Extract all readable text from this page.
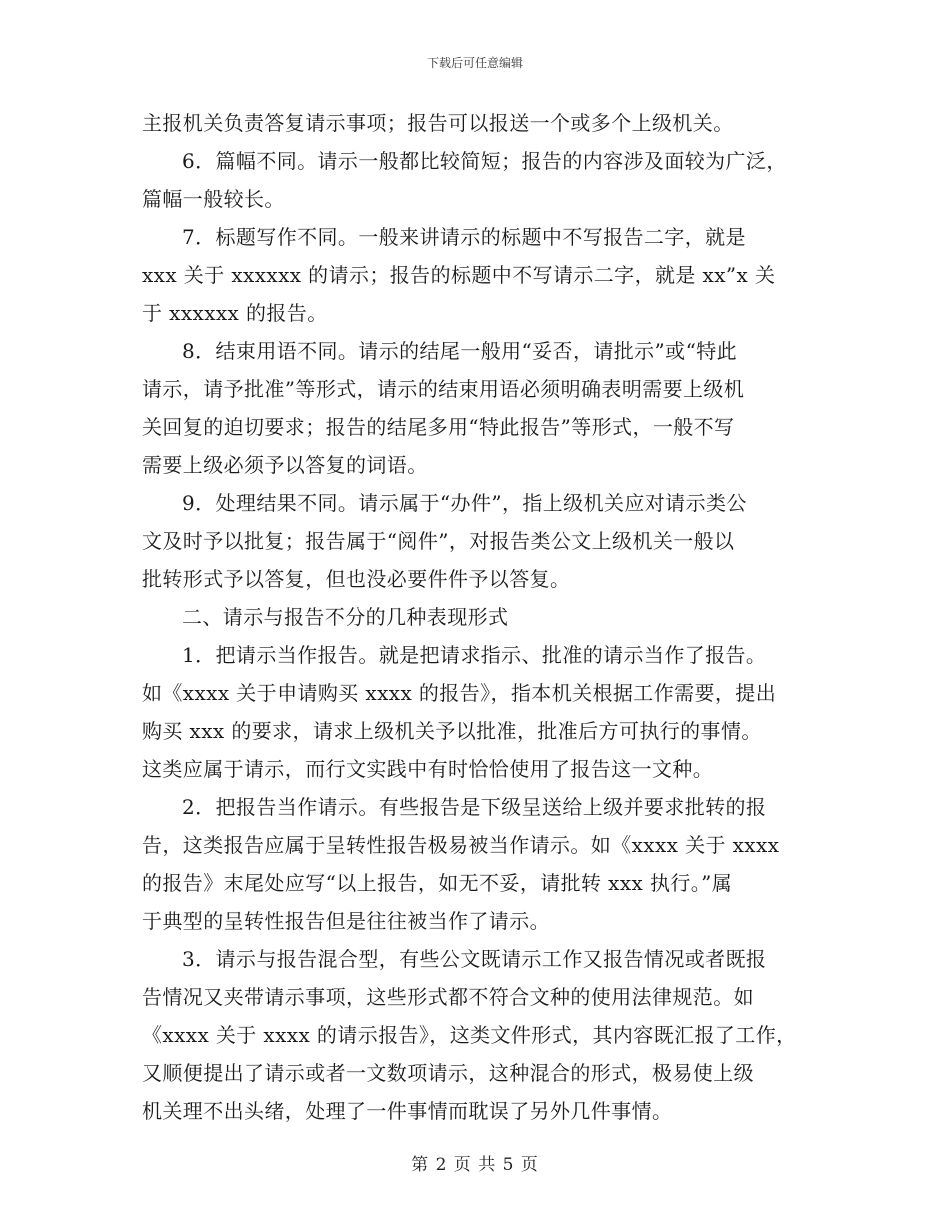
下载后可任意编辑
主报机关负责答复请示事项；报告可以报送一个或多个上级机关。
6．篇幅不同。请示一般都比较简短；报告的内容涉及面较为广泛，
篇幅一般较长。
7．标题写作不同。一般来讲请示的标题中不写报告二字，就是
xxx 关于 xxxxxx 的请示；报告的标题中不写请示二字，就是 xx”x 关
于 xxxxxx 的报告。
8．结束用语不同。请示的结尾一般用“妥否，请批示”或“特此
请示，请予批准”等形式，请示的结束用语必须明确表明需要上级机
关回复的迫切要求；报告的结尾多用“特此报告”等形式，一般不写
需要上级必须予以答复的词语。
9．处理结果不同。请示属于“办件”，指上级机关应对请示类公
文及时予以批复；报告属于“阅件”，对报告类公文上级机关一般以
批转形式予以答复，但也没必要件件予以答复。
二、请示与报告不分的几种表现形式
1．把请示当作报告。就是把请求指示、批准的请示当作了报告。
如《xxxx 关于申请购买 xxxx 的报告》，指本机关根据工作需要，提出
购买 xxx 的要求，请求上级机关予以批准，批准后方可执行的事情。
这类应属于请示，而行文实践中有时恰恰使用了报告这一文种。
2．把报告当作请示。有些报告是下级呈送给上级并要求批转的报
告，这类报告应属于呈转性报告极易被当作请示。如《xxxx 关于 xxxx
的报告》末尾处应写“以上报告，如无不妥，请批转 xxx 执行。”属
于典型的呈转性报告但是往往被当作了请示。
3．请示与报告混合型，有些公文既请示工作又报告情况或者既报
告情况又夹带请示事项，这些形式都不符合文种的使用法律规范。如
《xxxx 关于 xxxx 的请示报告》，这类文件形式，其内容既汇报了工作，
又顺便提出了请示或者一文数项请示，这种混合的形式，极易使上级
机关理不出头绪，处理了一件事情而耽误了另外几件事情。
第 2 页 共 5 页
